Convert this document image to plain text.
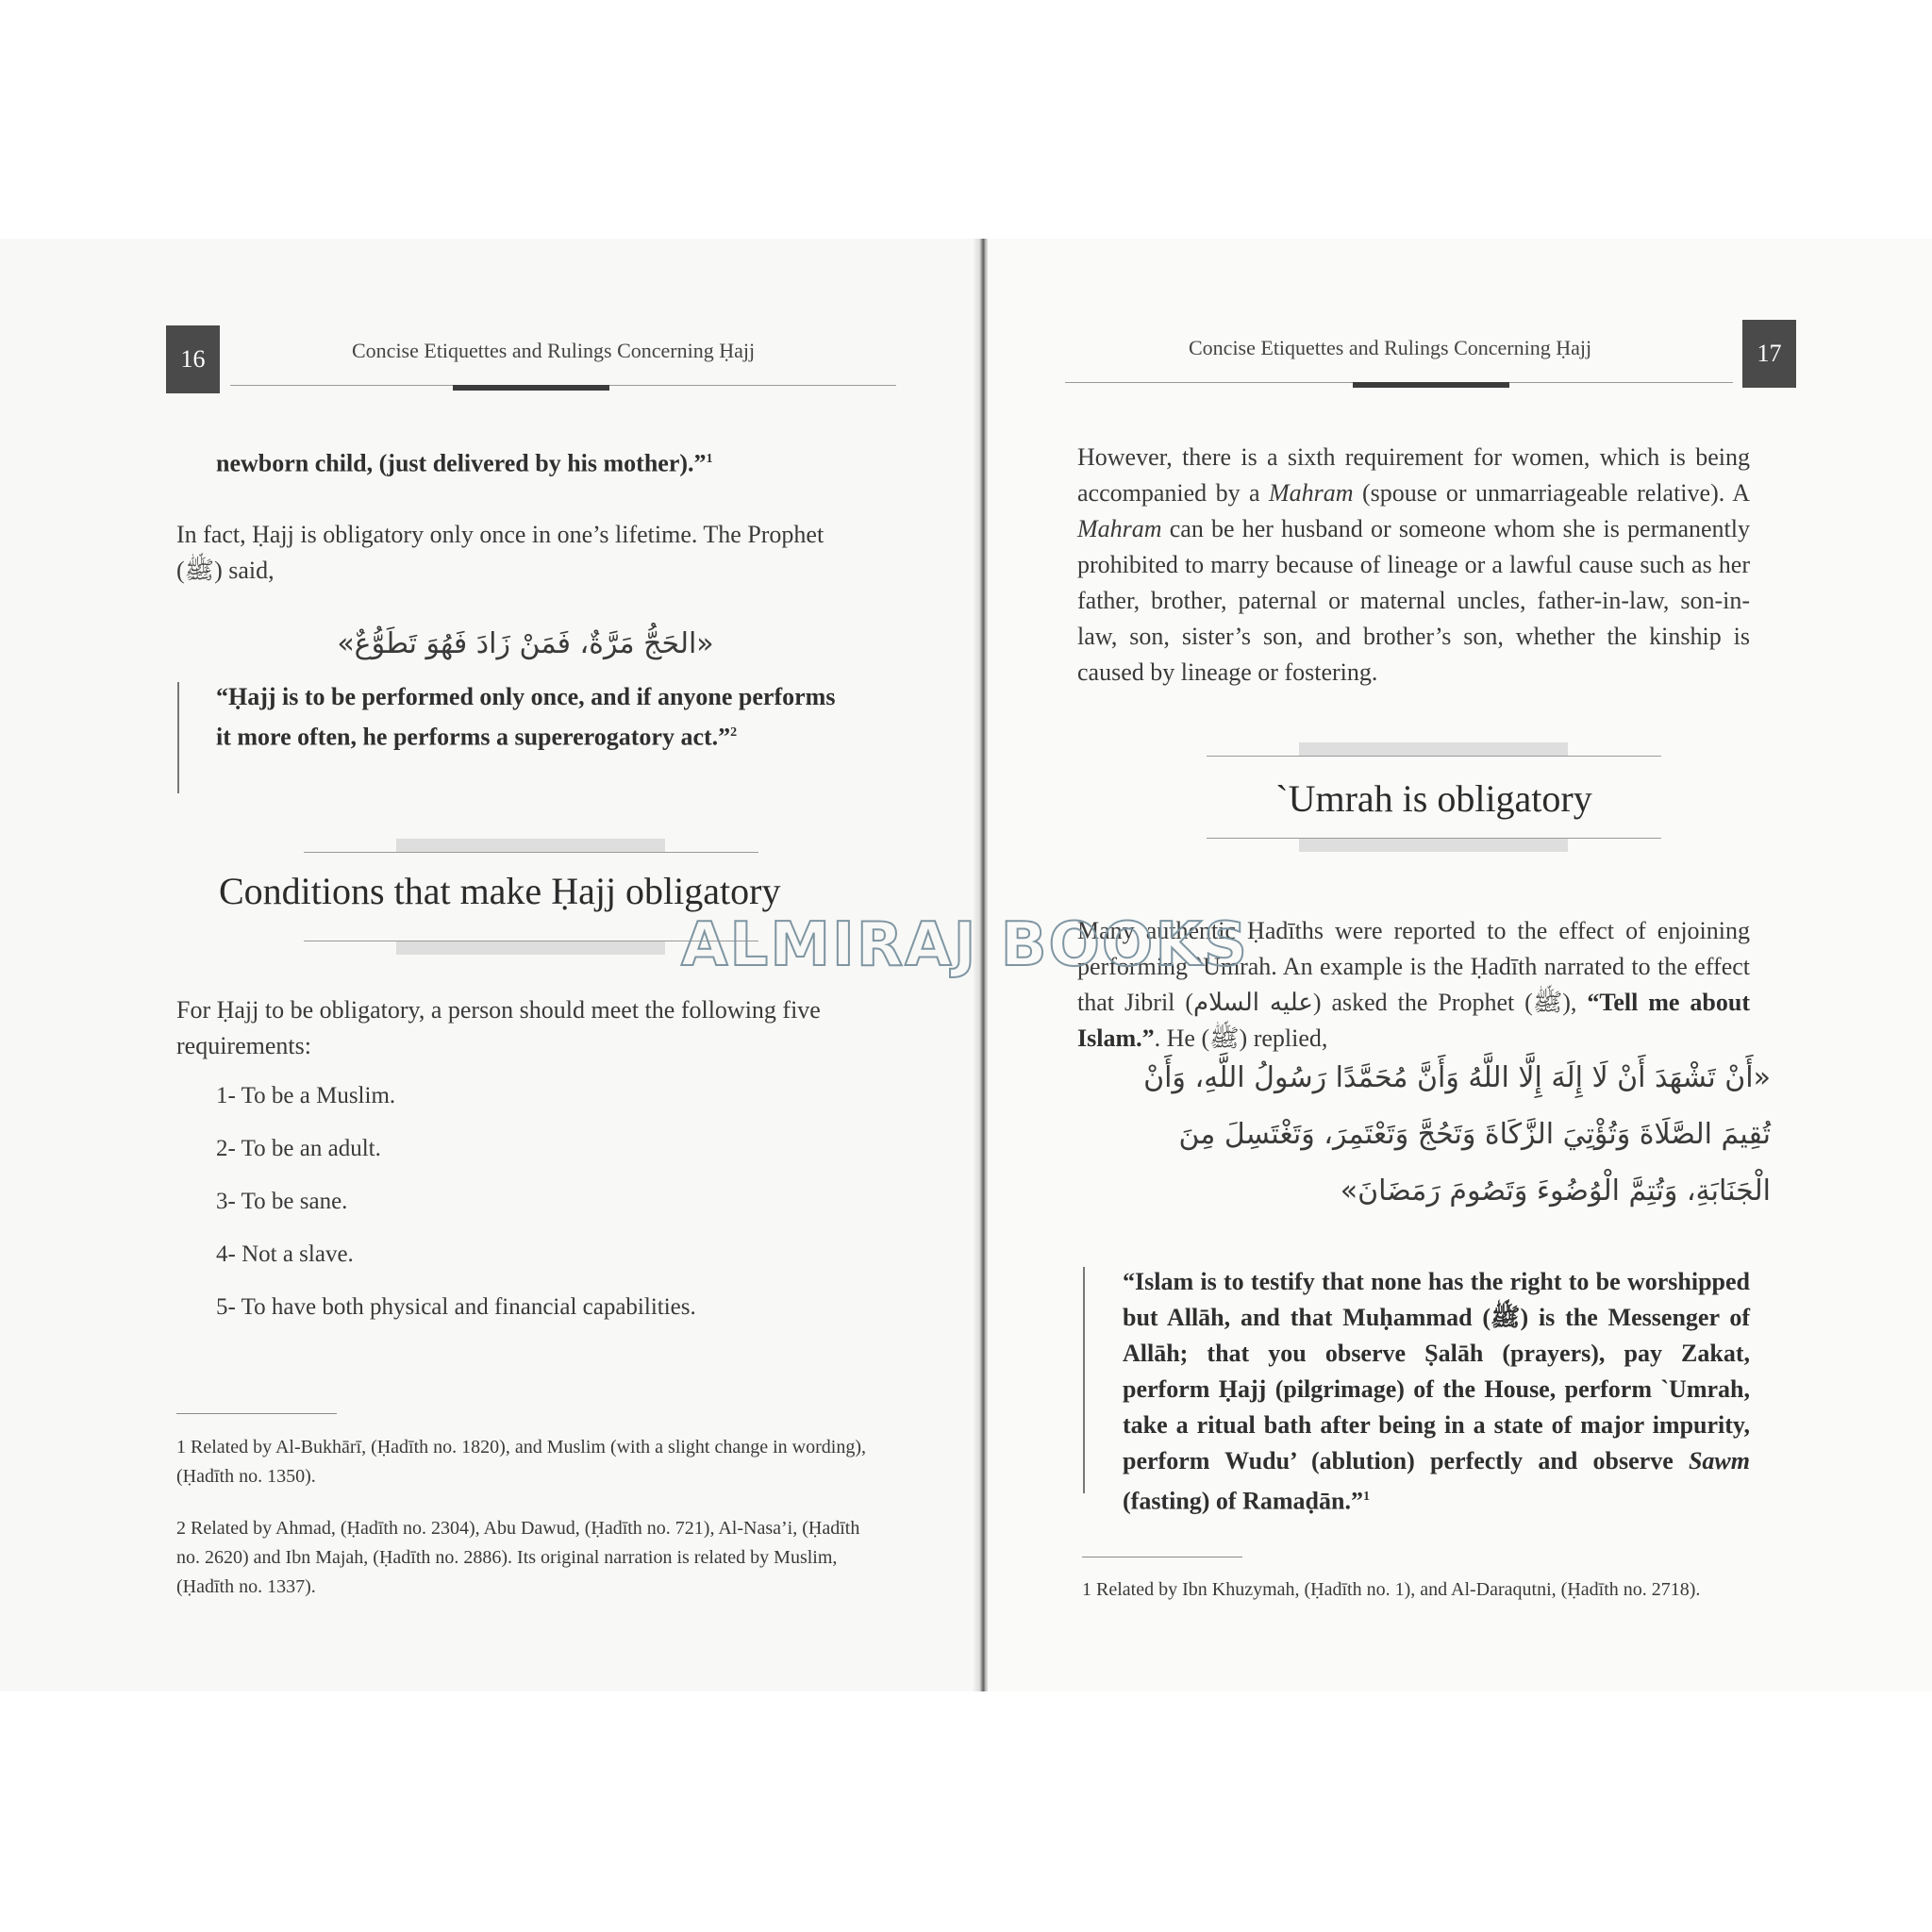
16	Concise Etiquettes and Rulings Concerning Ḥajj

newborn child, (just delivered by his mother).”$^1$

In fact, Ḥajj is obligatory only once in one’s lifetime. The Prophet
(ﷺ) said,

«الحَجُّ مَرَّةٌ، فَمَنْ زَادَ فَهُوَ تَطَوُّعٌ»

“Ḥajj is to be performed only once, and if anyone performs it more often, he performs a supererogatory act.”$^2$

Conditions that make Ḥajj obligatory

For Ḥajj to be obligatory, a person should meet the following five requirements:

1- To be a Muslim.
2- To be an adult.
3- To be sane.
4- Not a slave.
5- To have both physical and financial capabilities.

1 Related by Al-Bukhārī, (Ḥadīth no. 1820), and Muslim (with a slight change in wording), (Ḥadīth no. 1350).

2 Related by Ahmad, (Ḥadīth no. 2304), Abu Dawud, (Ḥadīth no. 721), Al-Nasa’i, (Ḥadīth no. 2620) and Ibn Majah, (Ḥadīth no. 2886). Its original narration is related by Muslim, (Ḥadīth no. 1337).

Concise Etiquettes and Rulings Concerning Ḥajj	17

However, there is a sixth requirement for women, which is being accompanied by a Mahram (spouse or unmarriageable relative). A Mahram can be her husband or someone whom she is permanently prohibited to marry because of lineage or a lawful cause such as her father, brother, paternal or maternal uncles, father-in-law, son-in-law, son, sister’s son, and brother’s son, whether the kinship is caused by lineage or fostering.

`Umrah is obligatory

Many authentic Ḥadīths were reported to the effect of enjoining performing `Umrah. An example is the Ḥadīth narrated to the effect that Jibril (عليه السلام) asked the Prophet (ﷺ), “Tell me about Islam.”. He (ﷺ) replied,

«أَنْ تَشْهَدَ أَنْ لَا إِلَهَ إِلَّا اللَّهُ وَأَنَّ مُحَمَّدًا رَسُولُ اللَّهِ، وَأَنْ تُقِيمَ الصَّلَاةَ وَتُؤْتِيَ الزَّكَاةَ وَتَحُجَّ وَتَعْتَمِرَ، وَتَغْتَسِلَ مِنَ الْجَنَابَةِ، وَتُتِمَّ الْوُضُوءَ وَتَصُومَ رَمَضَانَ»

“Islam is to testify that none has the right to be worshipped but Allāh, and that Muḥammad (ﷺ) is the Messenger of Allāh; that you observe Ṣalāh (prayers), pay Zakat, perform Ḥajj (pilgrimage) of the House, perform `Umrah, take a ritual bath after being in a state of major impurity, perform Wudu’ (ablution) perfectly and observe Sawm (fasting) of Ramaḍān.”$^1$

1 Related by Ibn Khuzymah, (Ḥadīth no. 1), and Al-Daraqutni, (Ḥadīth no. 2718).

ALMIRAJ BOOKS
